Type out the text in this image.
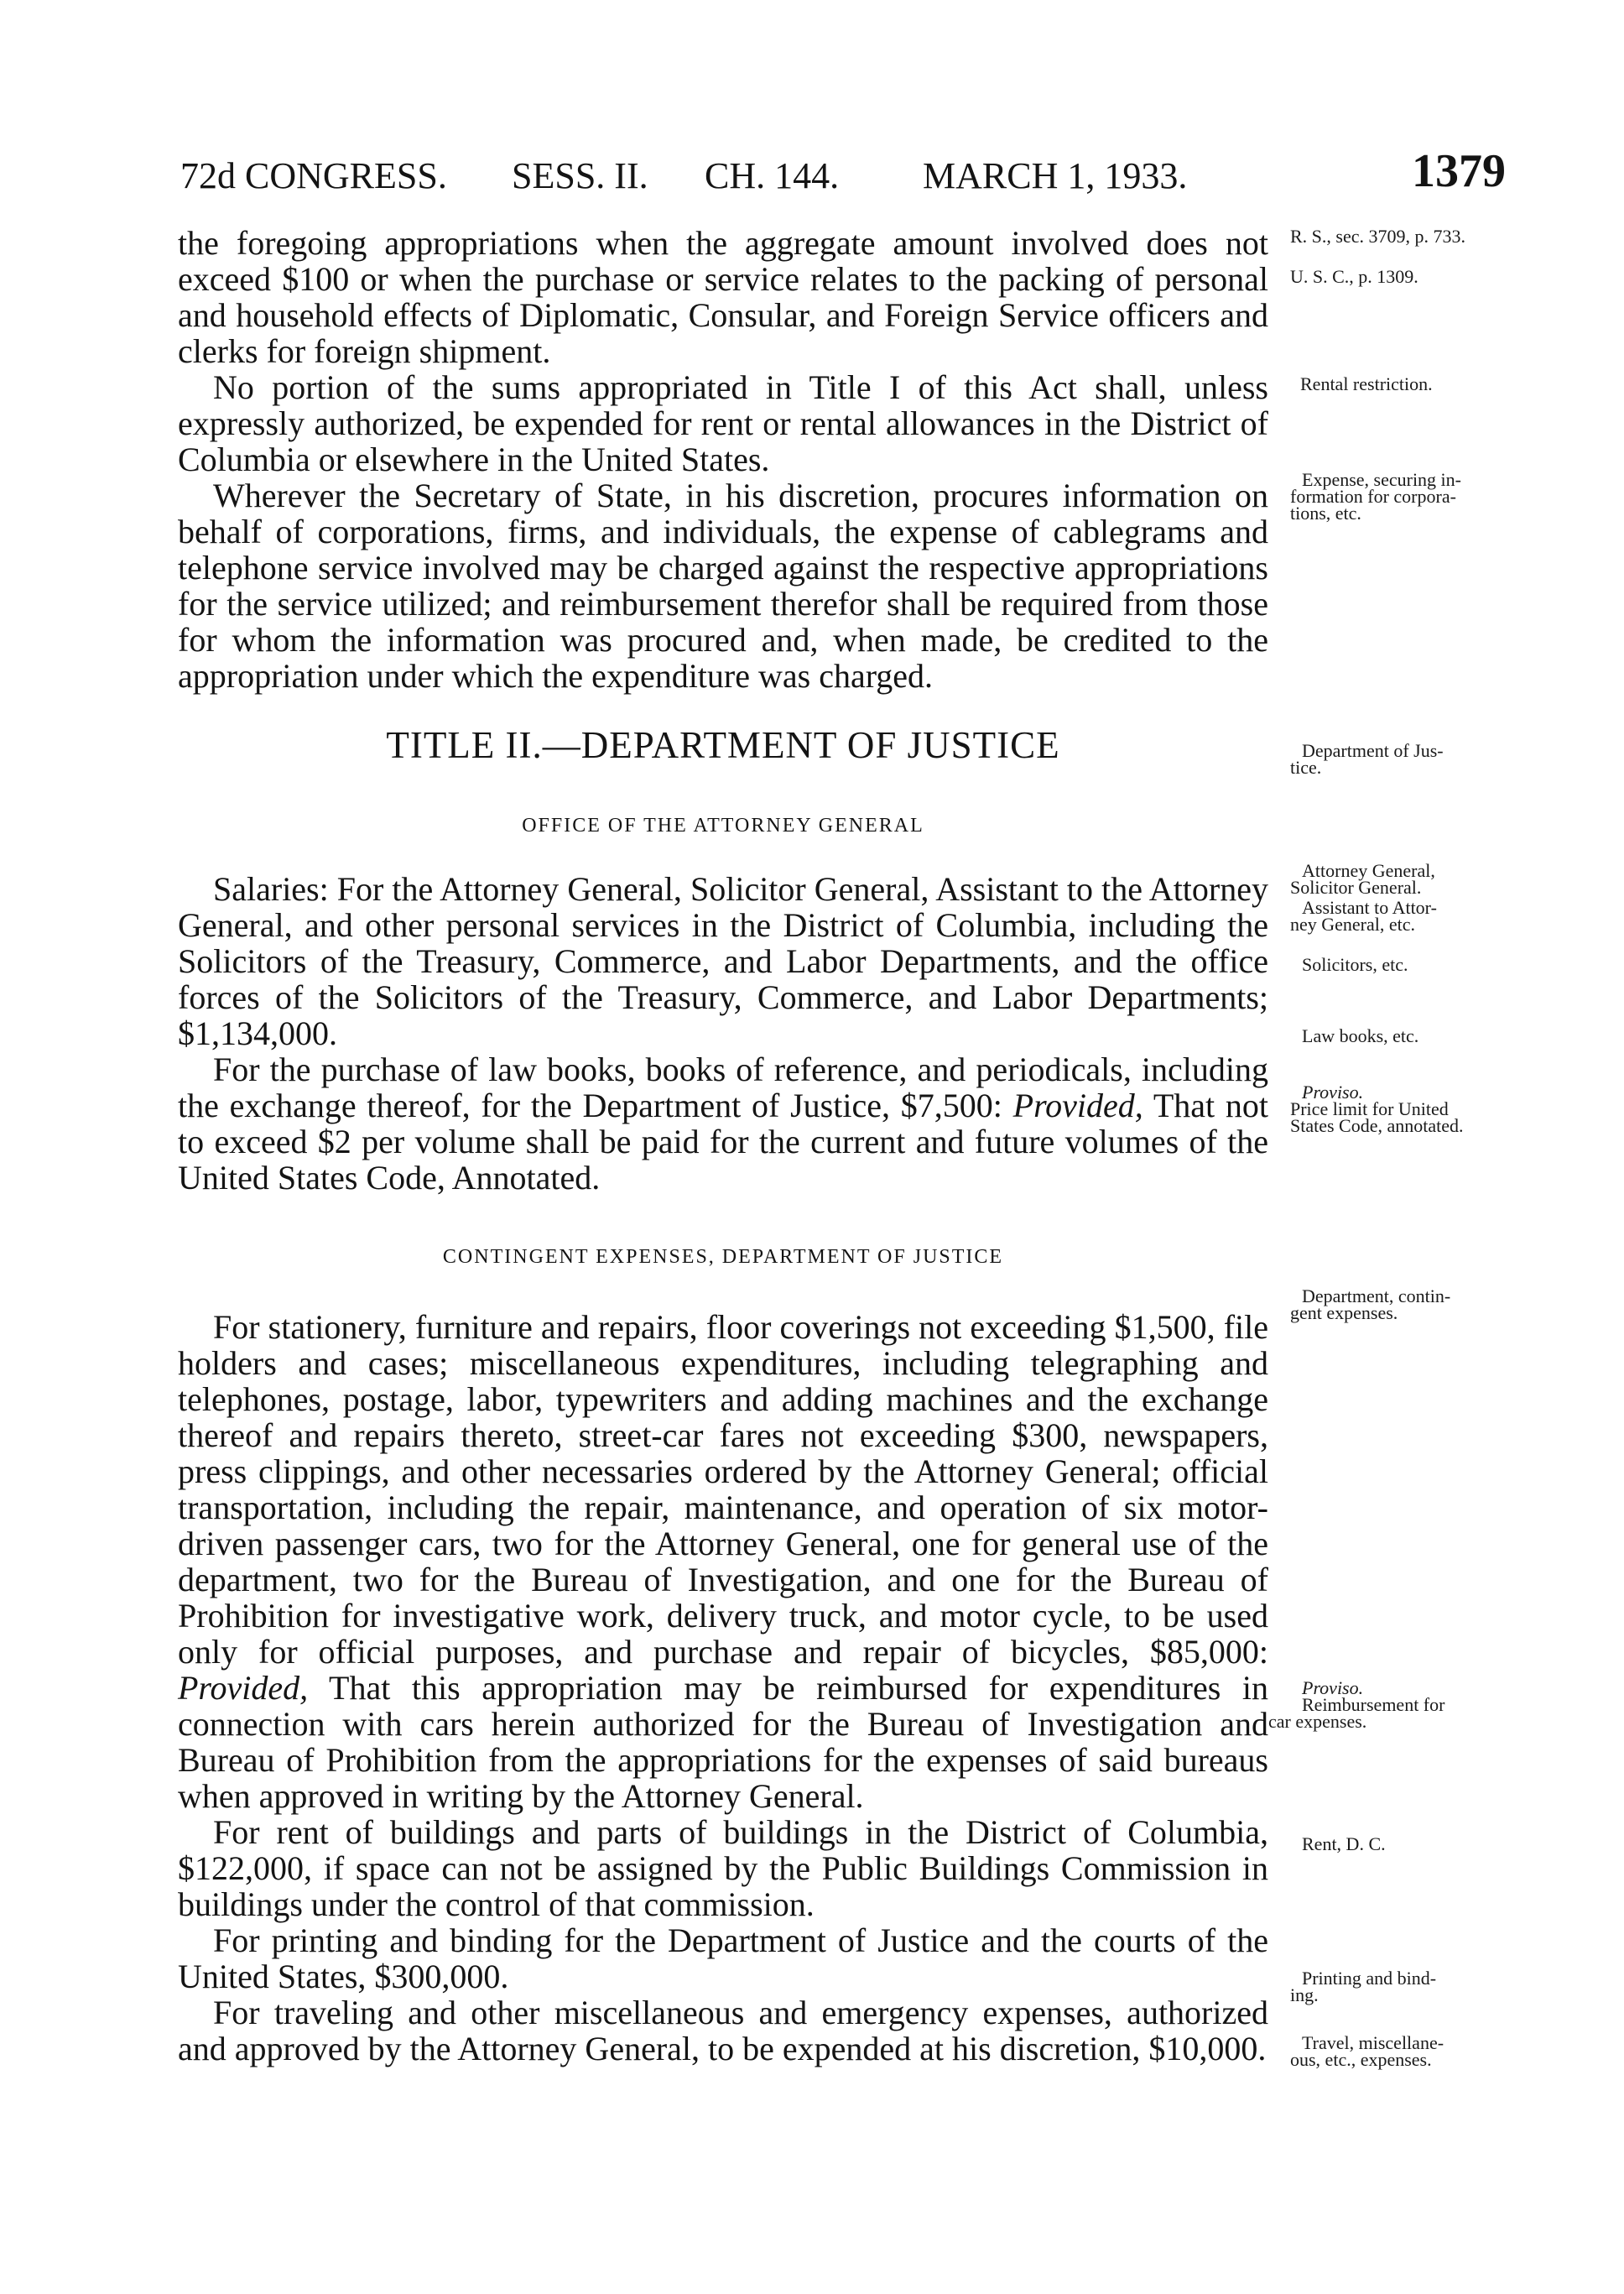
72d CONGRESS. SESS. II. CH. 144. MARCH 1, 1933.	1379

the foregoing appropriations when the aggregate amount involved does not exceed $100 or when the purchase or service relates to the packing of personal and household effects of Diplomatic, Consular, and Foreign Service officers and clerks for foreign shipment.

No portion of the sums appropriated in Title I of this Act shall, unless expressly authorized, be expended for rent or rental allowances in the District of Columbia or elsewhere in the United States.

Wherever the Secretary of State, in his discretion, procures information on behalf of corporations, firms, and individuals, the expense of cablegrams and telephone service involved may be charged against the respective appropriations for the service utilized; and reimbursement therefor shall be required from those for whom the information was procured and, when made, be credited to the appropriation under which the expenditure was charged.

TITLE II.—DEPARTMENT OF JUSTICE
OFFICE OF THE ATTORNEY GENERAL

Salaries: For the Attorney General, Solicitor General, Assistant to the Attorney General, and other personal services in the District of Columbia, including the Solicitors of the Treasury, Commerce, and Labor Departments, and the office forces of the Solicitors of the Treasury, Commerce, and Labor Departments; $1,134,000.

For the purchase of law books, books of reference, and periodicals, including the exchange thereof, for the Department of Justice, $7,500: Provided, That not to exceed $2 per volume shall be paid for the current and future volumes of the United States Code, Annotated.

CONTINGENT EXPENSES, DEPARTMENT OF JUSTICE

For stationery, furniture and repairs, floor coverings not exceeding $1,500, file holders and cases; miscellaneous expenditures, including telegraphing and telephones, postage, labor, typewriters and adding machines and the exchange thereof and repairs thereto, street-car fares not exceeding $300, newspapers, press clippings, and other necessaries ordered by the Attorney General; official transportation, including the repair, maintenance, and operation of six motor-driven passenger cars, two for the Attorney General, one for general use of the department, two for the Bureau of Investigation, and one for the Bureau of Prohibition for investigative work, delivery truck, and motor cycle, to be used only for official purposes, and purchase and repair of bicycles, $85,000: Provided, That this appropriation may be reimbursed for expenditures in connection with cars herein authorized for the Bureau of Investigation and Bureau of Prohibition from the appropriations for the expenses of said bureaus when approved in writing by the Attorney General.

For rent of buildings and parts of buildings in the District of Columbia, $122,000, if space can not be assigned by the Public Buildings Commission in buildings under the control of that commission.

For printing and binding for the Department of Justice and the courts of the United States, $300,000.

For traveling and other miscellaneous and emergency expenses, authorized and approved by the Attorney General, to be expended at his discretion, $10,000.

R. S., sec. 3709, p. 733.
U. S. C., p. 1309.
Rental restriction.
Expense, securing in-
formation for corpora-
tions, etc.
Department of Jus-
tice.
Attorney General,
Solicitor General.
Assistant to Attor-
ney General, etc.
Solicitors, etc.
Law books, etc.
Proviso.
Price limit for United
States Code, annotated.
Department, contin-
gent expenses.
Proviso.
Reimbursement for
car expenses.
Rent, D. C.
Printing and bind-
ing.
Travel, miscellane-
ous, etc., expenses.
